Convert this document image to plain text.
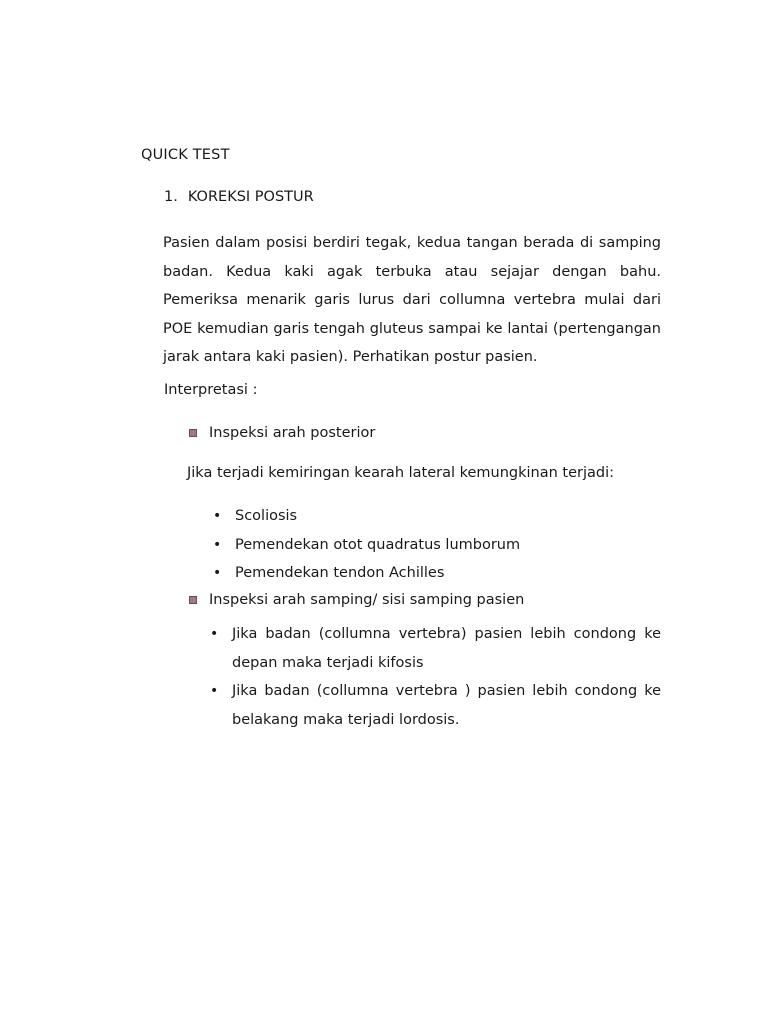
QUICK TEST
1. KOREKSI POSTUR

Pasien dalam posisi berdiri tegak, kedua tangan berada di samping badan. Kedua kaki agak terbuka atau sejajar dengan bahu. Pemeriksa menarik garis lurus dari collumna vertebra mulai dari POE kemudian garis tengah gluteus sampai ke lantai (pertengangan jarak antara kaki pasien). Perhatikan postur pasien.

Interpretasi :
Inspeksi arah posterior
Jika terjadi kemiringan kearah lateral kemungkinan terjadi:
• Scoliosis
• Pemendekan otot quadratus lumborum
• Pemendekan tendon Achilles
Inspeksi arah samping/ sisi samping pasien
• Jika badan (collumna vertebra) pasien lebih condong ke depan maka terjadi kifosis
• Jika badan (collumna vertebra ) pasien lebih condong ke belakang maka terjadi lordosis.
